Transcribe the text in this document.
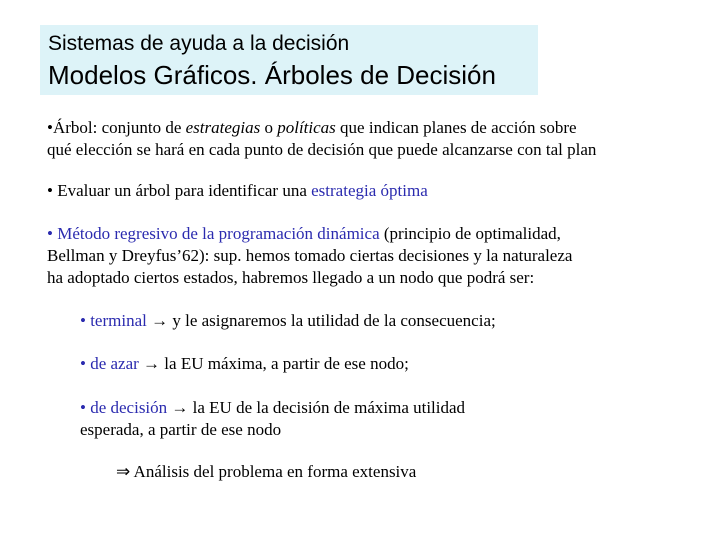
Sistemas de ayuda a la decisión
Modelos Gráficos. Árboles de Decisión
•Árbol: conjunto de estrategias o políticas que indican planes de acción sobre
qué elección se hará en cada punto de decisión que puede alcanzarse con tal plan
• Evaluar un árbol para identificar una estrategia óptima
• Método regresivo de la programación dinámica (principio de optimalidad,
Bellman y Dreyfus’62): sup. hemos tomado ciertas decisiones y la naturaleza
ha adoptado ciertos estados, habremos llegado a un nodo que podrá ser:
• terminal → y le asignaremos la utilidad de la consecuencia;
• de azar → la EU máxima, a partir de ese nodo;
• de decisión → la EU de la decisión de máxima utilidad
esperada, a partir de ese nodo
⇒ Análisis del problema en forma extensiva
